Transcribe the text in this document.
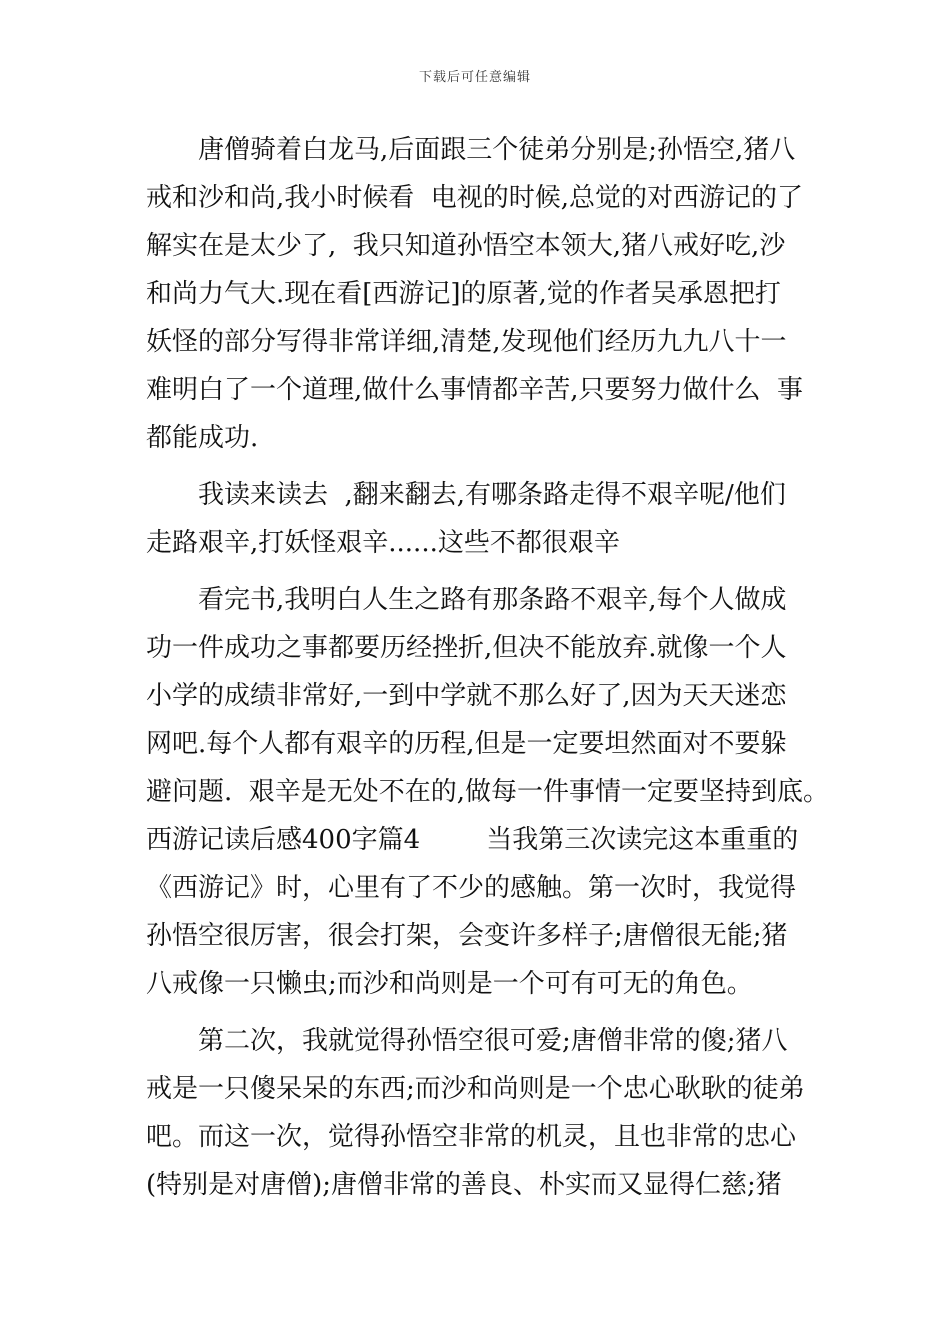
下载后可任意编辑
唐僧骑着白龙马,后面跟三个徒弟分别是;孙悟空,猪八
戒和沙和尚,我小时候看  电视的时候,总觉的对西游记的了
解实在是太少了,  我只知道孙悟空本领大,猪八戒好吃,沙
和尚力气大.现在看[西游记]的原著,觉的作者吴承恩把打
妖怪的部分写得非常详细,清楚,发现他们经历九九八十一
难明白了一个道理,做什么事情都辛苦,只要努力做什么  事
都能成功.
我读来读去  ,翻来翻去,有哪条路走得不艰辛呢/他们
走路艰辛,打妖怪艰辛......这些不都很艰辛
看完书,我明白人生之路有那条路不艰辛,每个人做成
功一件成功之事都要历经挫折,但决不能放弃.就像一个人
小学的成绩非常好,一到中学就不那么好了,因为天天迷恋
网吧.每个人都有艰辛的历程,但是一定要坦然面对不要躲
避问题.  艰辛是无处不在的,做每一件事情一定要坚持到底。
西游记读后感400字篇4        当我第三次读完这本重重的
《西游记》时，心里有了不少的感触。第一次时，我觉得
孙悟空很厉害，很会打架，会变许多样子;唐僧很无能;猪
八戒像一只懒虫;而沙和尚则是一个可有可无的角色。
第二次，我就觉得孙悟空很可爱;唐僧非常的傻;猪八
戒是一只傻呆呆的东西;而沙和尚则是一个忠心耿耿的徒弟
吧。而这一次，觉得孙悟空非常的机灵，且也非常的忠心
(特别是对唐僧);唐僧非常的善良、朴实而又显得仁慈;猪
